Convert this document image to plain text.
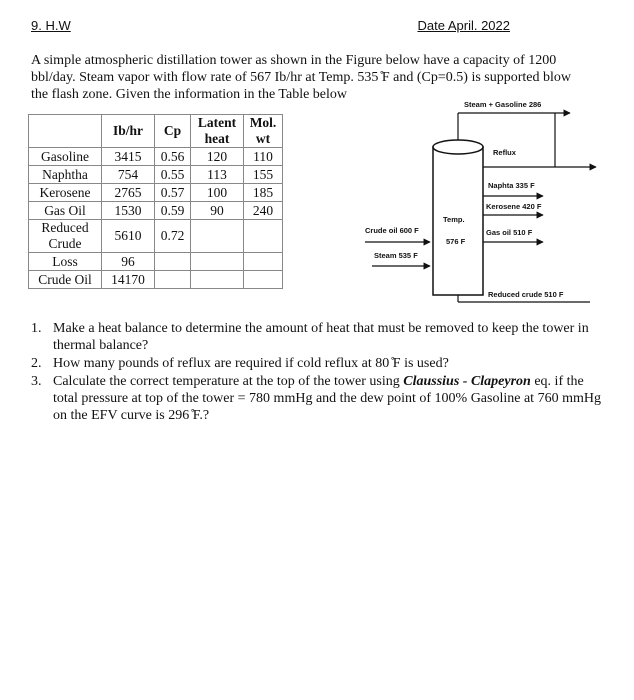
9. H.W	Date April. 2022
A simple atmospheric distillation tower as shown in the Figure below have a capacity of 1200 bbl/day. Steam vapor with flow rate of 567 Ib/hr at Temp. 535 ̊F and (Cp=0.5) is supported blow the flash zone. Given the information in the Table below
	Ib/hr	Cp	Latent heat	Mol. wt
Gasoline	3415	0.56	120	110
Naphtha	754	0.55	113	155
Kerosene	2765	0.57	100	185
Gas Oil	1530	0.59	90	240
Reduced Crude	5610	0.72		
Loss	96			
Crude Oil	14170			
Steam + Gasoline 286
Reflux
Naphta 335 F
Kerosene 420 F
Gas oil 510 F
Temp.
576 F
Crude oil 600 F
Steam 535 F
Reduced crude 510 F
1. Make a heat balance to determine the amount of heat that must be removed to keep the tower in thermal balance?
2. How many pounds of reflux are required if cold reflux at 80 ̊F is used?
3. Calculate the correct temperature at the top of the tower using Claussius - Clapeyron eq. if the total pressure at top of the tower = 780 mmHg and the dew point of 100% Gasoline at 760 mmHg on the EFV curve is 296 ̊F.?
